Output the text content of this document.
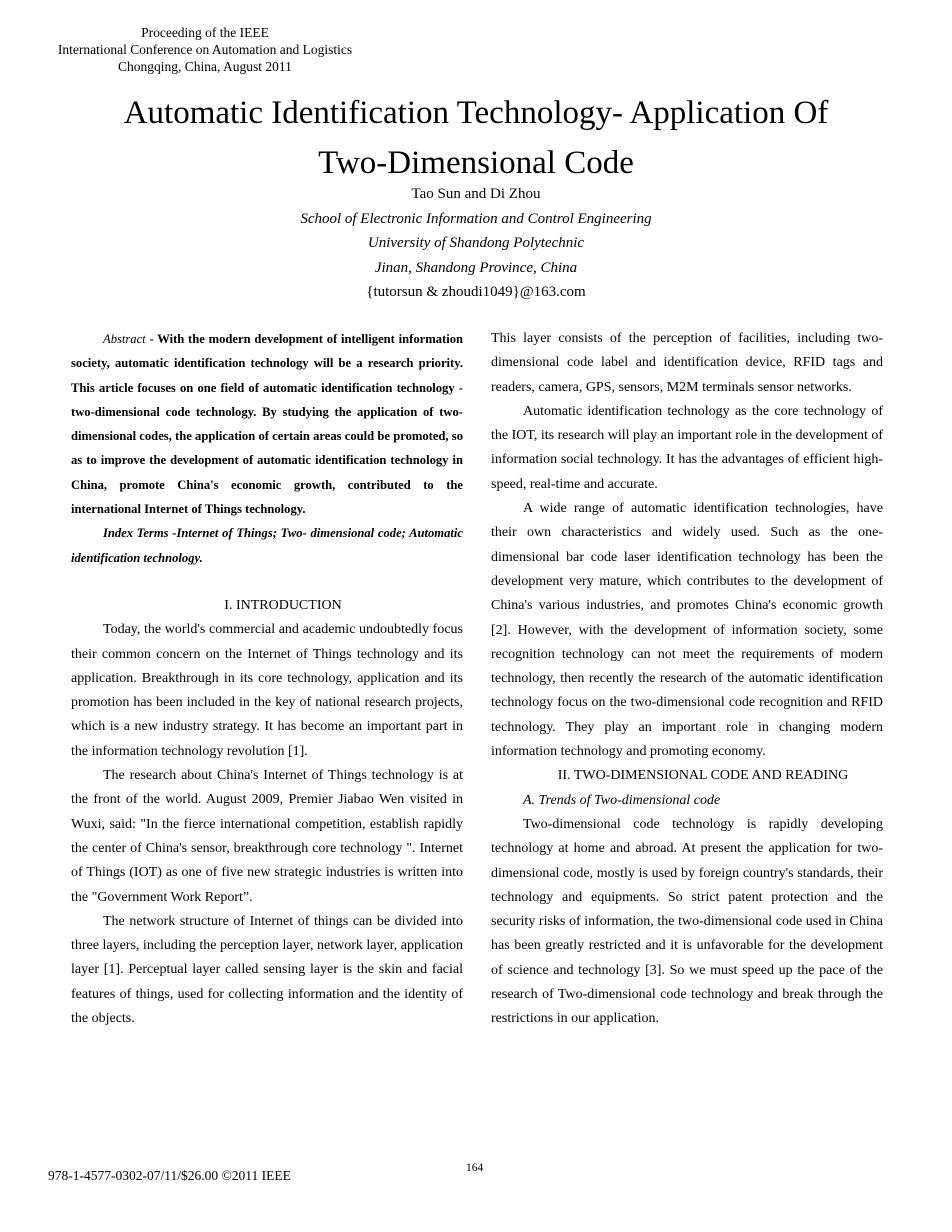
Proceeding of the IEEE
International Conference on Automation and Logistics
Chongqing, China, August 2011
Automatic Identification Technology- Application Of
Two-Dimensional Code
Tao Sun and Di Zhou
School of Electronic Information and Control Engineering
University of Shandong Polytechnic
Jinan, Shandong Province, China
{tutorsun & zhoudi1049}@163.com

Abstract - With the modern development of intelligent information society, automatic identification technology will be a research priority. This article focuses on one field of automatic identification technology - two-dimensional code technology. By studying the application of two-dimensional codes, the application of certain areas could be promoted, so as to improve the development of automatic identification technology in China, promote China's economic growth, contributed to the international Internet of Things technology.

Index Terms -Internet of Things; Two- dimensional code; Automatic identification technology.

I. INTRODUCTION

Today, the world's commercial and academic undoubtedly focus their common concern on the Internet of Things technology and its application. Breakthrough in its core technology, application and its promotion has been included in the key of national research projects, which is a new industry strategy. It has become an important part in the information technology revolution [1].

The research about China's Internet of Things technology is at the front of the world. August 2009, Premier Jiabao Wen visited in Wuxi, said: "In the fierce international competition, establish rapidly the center of China's sensor, breakthrough core technology ". Internet of Things (IOT) as one of five new strategic industries is written into the "Government Work Report”.

The network structure of Internet of things can be divided into three layers, including the perception layer, network layer, application layer [1]. Perceptual layer called sensing layer is the skin and facial features of things, used for collecting information and the identity of the objects.

This layer consists of the perception of facilities, including two-dimensional code label and identification device, RFID tags and readers, camera, GPS, sensors, M2M terminals sensor networks.

Automatic identification technology as the core technology of the IOT, its research will play an important role in the development of information social technology. It has the advantages of efficient high-speed, real-time and accurate.

A wide range of automatic identification technologies, have their own characteristics and widely used. Such as the one-dimensional bar code laser identification technology has been the development very mature, which contributes to the development of China's various industries, and promotes China's economic growth [2]. However, with the development of information society, some recognition technology can not meet the requirements of modern technology, then recently the research of the automatic identification technology focus on the two-dimensional code recognition and RFID technology. They play an important role in changing modern information technology and promoting economy.

II. TWO-DIMENSIONAL CODE AND READING

A. Trends of Two-dimensional code

Two-dimensional code technology is rapidly developing technology at home and abroad. At present the application for two-dimensional code, mostly is used by foreign country's standards, their technology and equipments. So strict patent protection and the security risks of information, the two-dimensional code used in China has been greatly restricted and it is unfavorable for the development of science and technology [3]. So we must speed up the pace of the research of Two-dimensional code technology and break through the restrictions in our application.

978-1-4577-0302-07/11/$26.00 ©2011 IEEE	164
